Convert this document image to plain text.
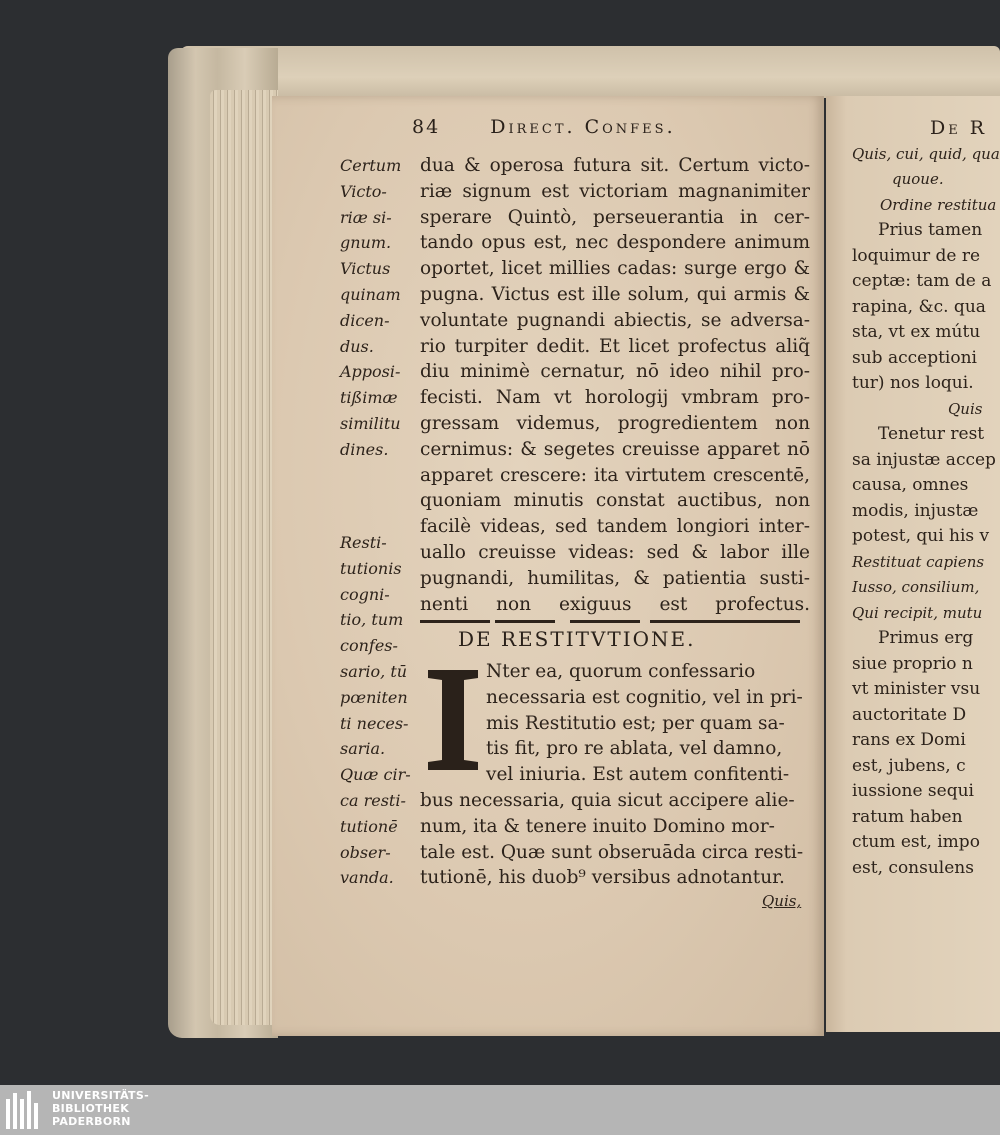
84	Direct. Confes.
Certum
Victo-
riæ si-
gnum.
Victus
quinam
dicen-
dus.
Apposi-
tißimæ
similitu
dines.
Resti-
tutionis
cogni-
tio, tum
confes-
sario, tū
pœniten
ti neces-
saria.
Quæ cir-
ca resti-
tutionē
obser-
vanda.
dua & operosa futura sit. Certum victo-
riæ signum est victoriam magnanimiter
sperare Quintò, perseuerantia in cer-
tando opus est, nec despondere animum
oportet, licet millies cadas: surge ergo &
pugna. Victus est ille solum, qui armis &
voluntate pugnandi abiectis, se adversa-
rio turpiter dedit. Et licet profectus aliq̃
diu minimè cernatur, nō ideo nihil pro-
fecisti. Nam vt horologij vmbram pro-
gressam videmus, progredientem non
cernimus: & segetes creuisse apparet nō
apparet crescere: ita virtutem crescentē,
quoniam minutis constat auctibus, non
facilè videas, sed tandem longiori inter-
uallo creuisse videas: sed & labor ille
pugnandi, humilitas, & patientia susti-
nenti non exiguus est profectus.
DE RESTITVTIONE.
Nter ea, quorum confessario
necessaria est cognitio, vel in pri-
mis Restitutio est; per quam sa-
tis fit, pro re ablata, vel damno,
vel iniuria. Est autem confitenti-
bus necessaria, quia sicut accipere alie-
num, ita & tenere inuito Domino mor-
tale est. Quæ sunt obseruāda circa resti-
tutionē, his duob⁹ versibus adnotantur.
Quis,
De R
Quis, cui, quid, qua
quoue.
Ordine restitua
Prius tamen
loquimur de re
ceptæ: tam de a
rapina, &c. qua
sta, vt ex mútu
sub acceptioni
tur) nos loqui.
Quis
Tenetur rest
sa injustæ accep
causa, omnes
modis, injustæ
potest, qui his v
Restituat capiens
Iusso, consilium,
Qui recipit, mutu
Primus erg
siue proprio n
vt minister vsu
auctoritate D
rans ex Domi
est, jubens, c
iussione sequi
ratum haben
ctum est, impo
est, consulens
UNIVERSITÄTS-
BIBLIOTHEK
PADERBORN
